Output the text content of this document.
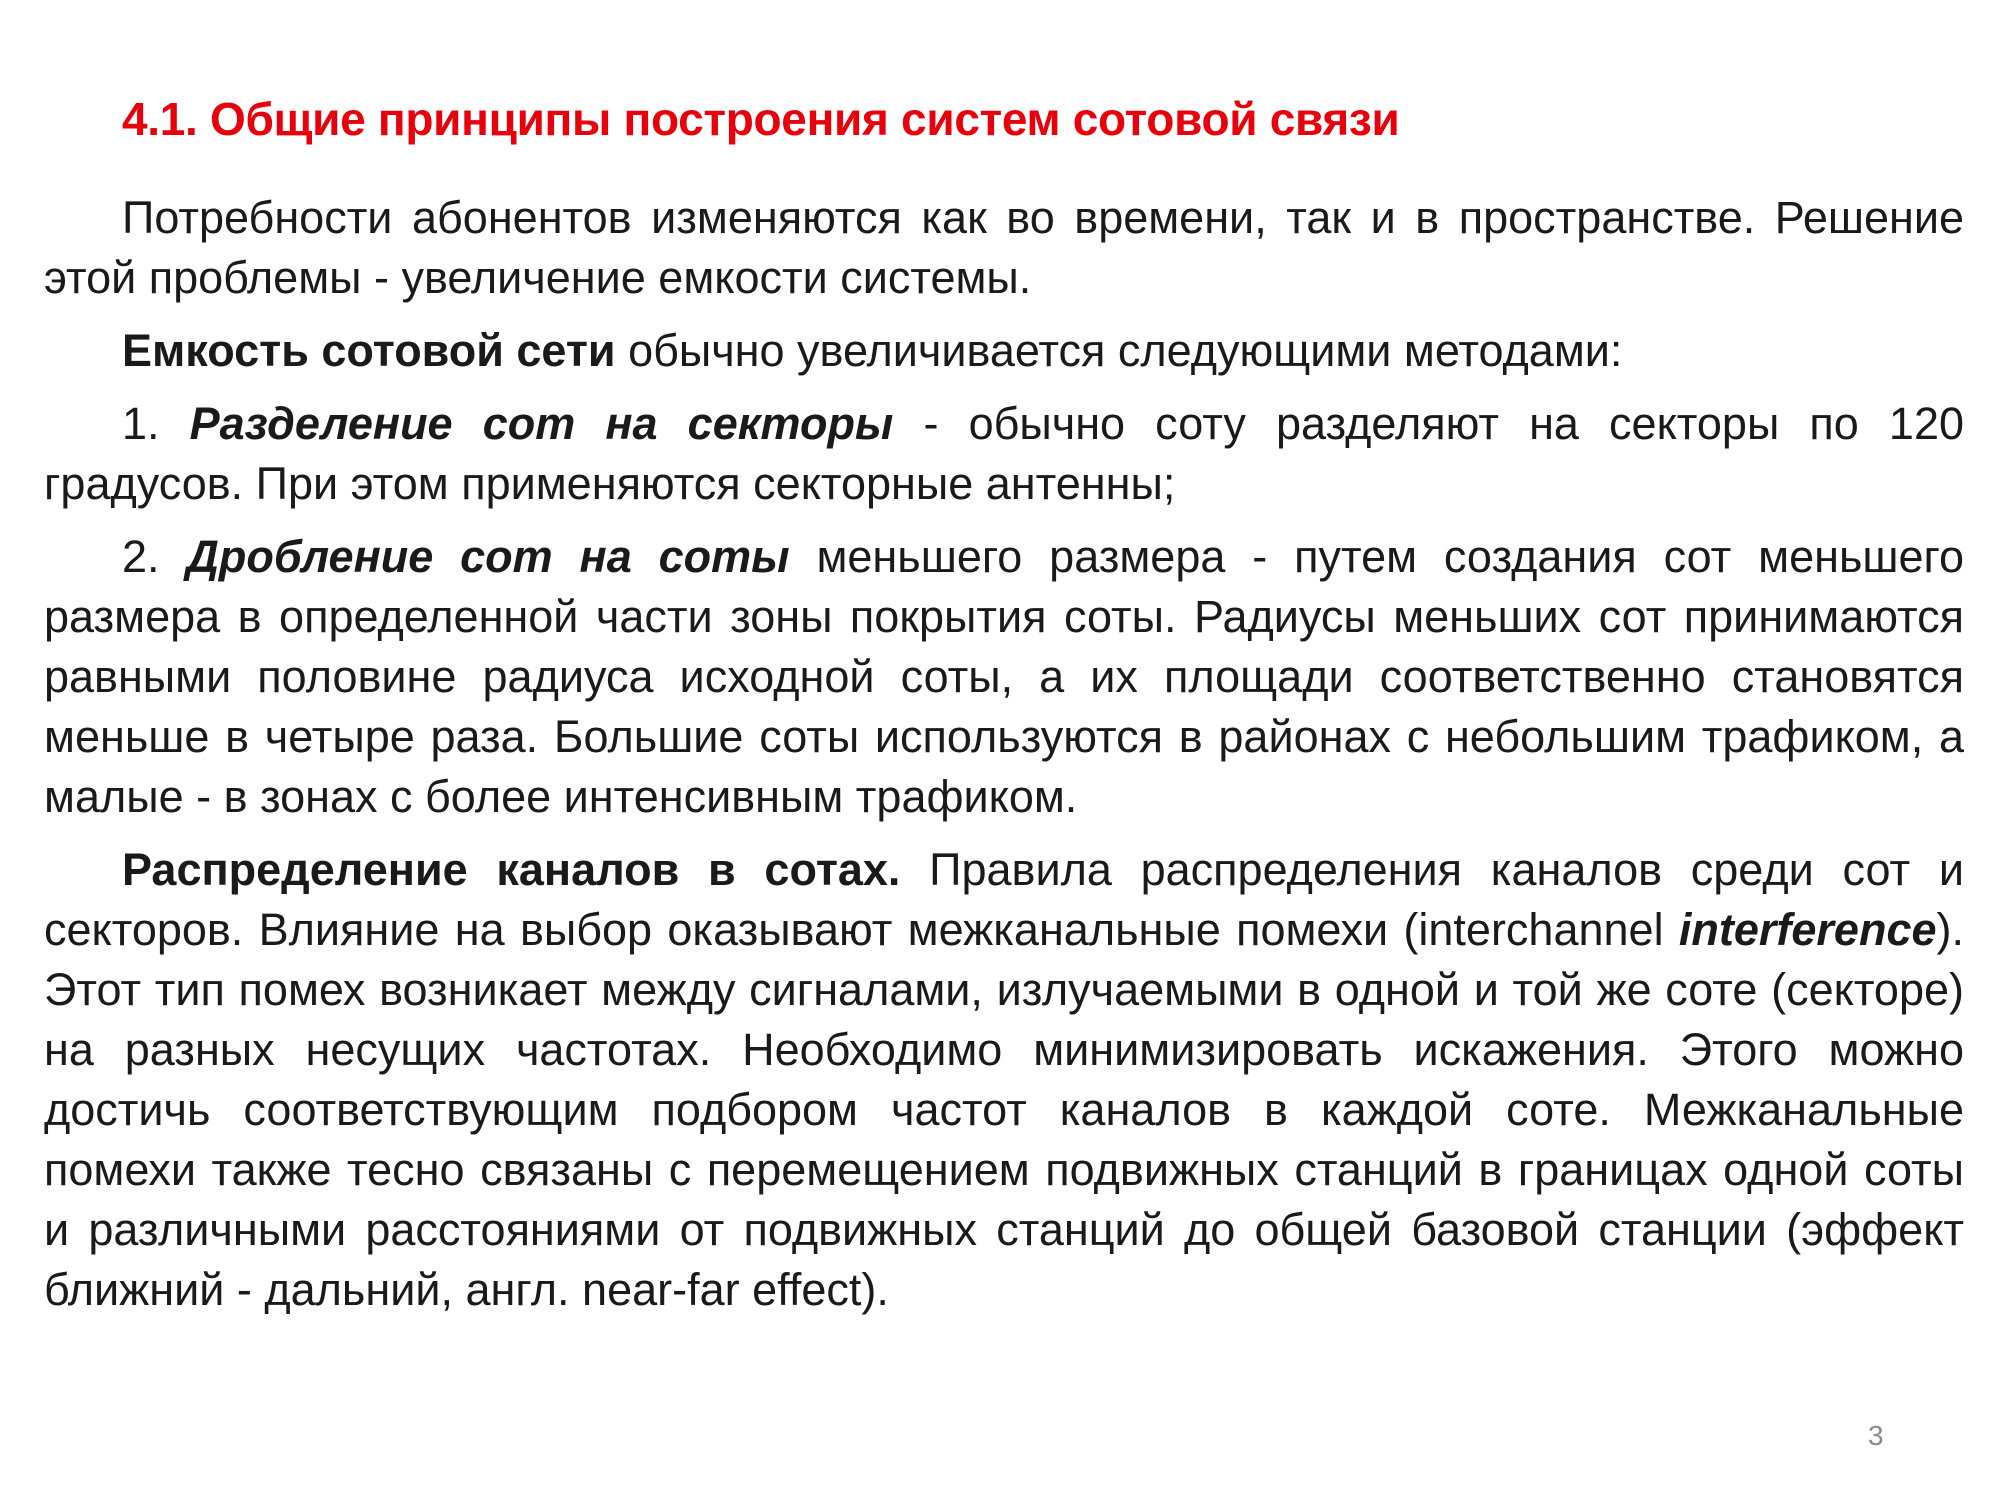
4.1. Общие принципы построения систем сотовой связи

Потребности абонентов изменяются как во времени, так и в пространстве. Решение этой проблемы - увеличение емкости системы.

Емкость сотовой сети обычно увеличивается следующими методами:

1. Разделение сот на секторы - обычно соту разделяют на секторы по 120 градусов. При этом применяются секторные антенны;

2. Дробление сот на соты меньшего размера - путем создания сот меньшего размера в определенной части зоны покрытия соты. Радиусы меньших сот принимаются равными половине радиуса исходной соты, а их площади соответственно становятся меньше в четыре раза. Большие соты используются в районах с небольшим трафиком, а малые - в зонах с более интенсивным трафиком.

Распределение каналов в сотах. Правила распределения каналов среди сот и секторов. Влияние на выбор оказывают межканальные помехи (interchannel interference). Этот тип помех возникает между сигналами, излучаемыми в одной и той же соте (секторе) на разных несущих частотах. Необходимо минимизировать искажения. Этого можно достичь соответствующим подбором частот каналов в каждой соте. Межканальные помехи также тесно связаны с перемещением подвижных станций в границах одной соты и различными расстояниями от подвижных станций до общей базовой станции (эффект ближний - дальний, англ. near-far effect).

3
